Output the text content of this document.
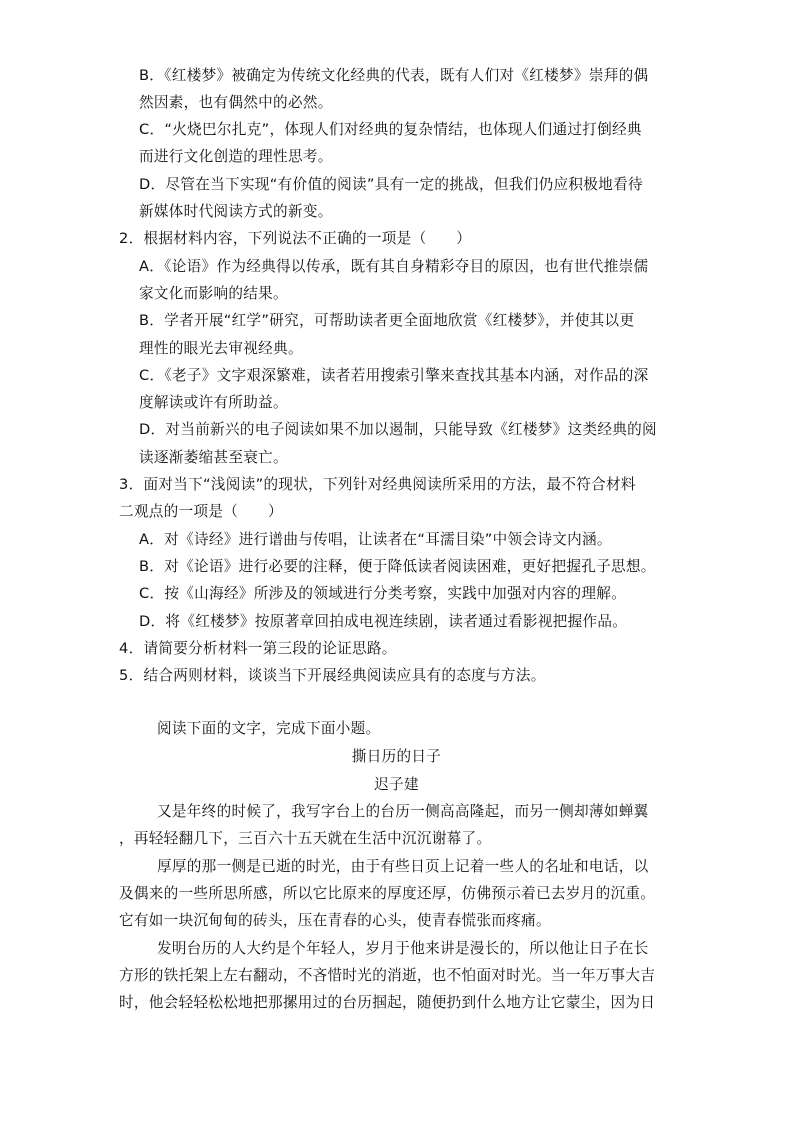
B．《红楼梦》被确定为传统文化经典的代表，既有人们对《红楼梦》崇拜的偶
然因素，也有偶然中的必然。
C．“火烧巴尔扎克”，体现人们对经典的复杂情结，也体现人们通过打倒经典
而进行文化创造的理性思考。
D．尽管在当下实现“有价值的阅读”具有一定的挑战，但我们仍应积极地看待
新媒体时代阅读方式的新变。
2．根据材料内容，下列说法不正确的一项是（　　）
A．《论语》作为经典得以传承，既有其自身精彩夺目的原因，也有世代推崇儒
家文化而影响的结果。
B．学者开展“红学”研究，可帮助读者更全面地欣赏《红楼梦》，并使其以更
理性的眼光去审视经典。
C．《老子》文字艰深繁难，读者若用搜索引擎来查找其基本内涵，对作品的深
度解读或许有所助益。
D．对当前新兴的电子阅读如果不加以遏制，只能导致《红楼梦》这类经典的阅
读逐渐萎缩甚至衰亡。
3．面对当下“浅阅读”的现状，下列针对经典阅读所采用的方法，最不符合材料
二观点的一项是（　　）
A．对《诗经》进行谱曲与传唱，让读者在“耳濡目染”中领会诗文内涵。
B．对《论语》进行必要的注释，便于降低读者阅读困难，更好把握孔子思想。
C．按《山海经》所涉及的领域进行分类考察，实践中加强对内容的理解。
D．将《红楼梦》按原著章回拍成电视连续剧，读者通过看影视把握作品。
4．请简要分析材料一第三段的论证思路。
5．结合两则材料，谈谈当下开展经典阅读应具有的态度与方法。
阅读下面的文字，完成下面小题。
撕日历的日子
迟子建
又是年终的时候了，我写字台上的台历一侧高高隆起，而另一侧却薄如蝉翼
，再轻轻翻几下，三百六十五天就在生活中沉沉谢幕了。
厚厚的那一侧是已逝的时光，由于有些日页上记着一些人的名址和电话，以
及偶来的一些所思所感，所以它比原来的厚度还厚，仿佛预示着已去岁月的沉重。
它有如一块沉甸甸的砖头，压在青春的心头，使青春慌张而疼痛。
发明台历的人大约是个年轻人，岁月于他来讲是漫长的，所以他让日子在长
方形的铁托架上左右翻动，不吝惜时光的消逝，也不怕面对时光。当一年万事大吉
时，他会轻轻松松地把那摞用过的台历掴起，随便扔到什么地方让它蒙尘，因为日
